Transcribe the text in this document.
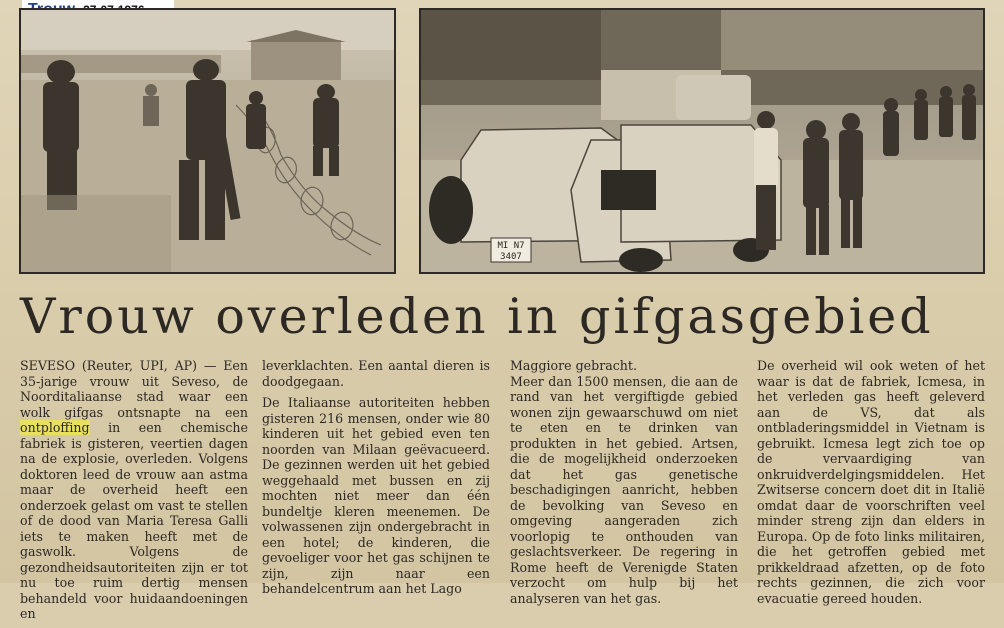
MI N7
3407
Vrouw overleden in gifgasgebied

SEVESO (Reuter, UPI, AP) — Een 35-jarige vrouw uit Seveso, de Noorditaliaanse stad waar een wolk gifgas ontsnapte na een ontploffing in een chemische fabriek is gisteren, veertien dagen na de explosie, overleden. Volgens doktoren leed de vrouw aan astma maar de overheid heeft een onderzoek gelast om vast te stellen of de dood van Maria Teresa Galli iets te maken heeft met de gaswolk. Volgens de gezondheidsautoriteiten zijn er tot nu toe ruim dertig mensen behandeld voor huidaandoeningen en

leverklachten. Een aantal dieren is doodgegaan.

De Italiaanse autoriteiten hebben gisteren 216 mensen, onder wie 80 kinderen uit het gebied even ten noorden van Milaan geëvacueerd. De gezinnen werden uit het gebied weggehaald met bussen en zij mochten niet meer dan één bundeltje kleren meenemen. De volwassenen zijn ondergebracht in een hotel; de kinderen, die gevoeliger voor het gas schijnen te zijn, zijn naar een behandelcentrum aan het Lago

Maggiore gebracht.

Meer dan 1500 mensen, die aan de rand van het vergiftigde gebied wonen zijn gewaarschuwd om niet te eten en te drinken van produkten in het gebied. Artsen, die de mogelijkheid onderzoeken dat het gas genetische beschadigingen aanricht, hebben de bevolking van Seveso en omgeving aangeraden zich voorlopig te onthouden van geslachtsverkeer. De regering in Rome heeft de Verenigde Staten verzocht om hulp bij het analyseren van het gas.

De overheid wil ook weten of het waar is dat de fabriek, Icmesa, in het verleden gas heeft geleverd aan de VS, dat als ontbladeringsmiddel in Vietnam is gebruikt. Icmesa legt zich toe op de vervaardiging van onkruidverdelgingsmiddelen. Het Zwitserse concern doet dit in Italië omdat daar de voorschriften veel minder streng zijn dan elders in Europa. Op de foto links militairen, die het getroffen gebied met prikkeldraad afzetten, op de foto rechts gezinnen, die zich voor evacuatie gereed houden.
